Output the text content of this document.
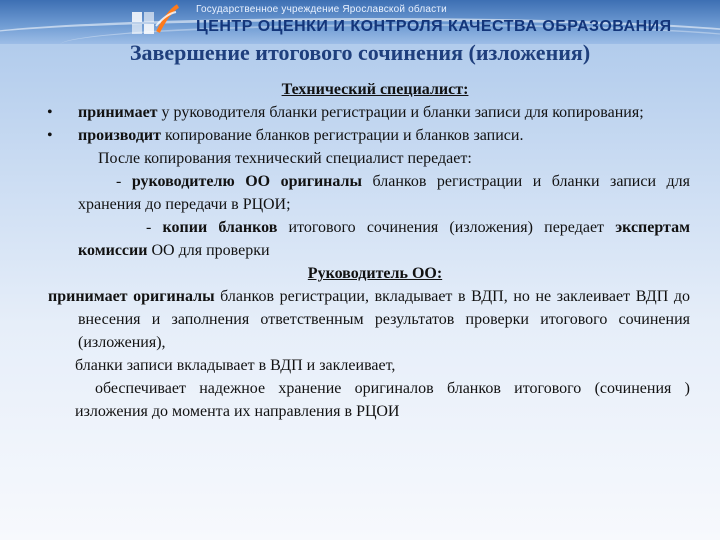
Государственное учреждение Ярославской области
ЦЕНТР ОЦЕНКИ И КОНТРОЛЯ КАЧЕСТВА ОБРАЗОВАНИЯ
Завершение итогового сочинения (изложения)
Технический специалист:
• принимает у руководителя бланки регистрации и бланки записи для копирования;
• производит копирование бланков регистрации и бланков записи.
После копирования технический специалист передает:
- руководителю ОО оригиналы бланков регистрации и бланки записи для хранения до передачи в РЦОИ;
- копии бланков итогового сочинения (изложения) передает экспертам комиссии ОО для проверки
Руководитель ОО:
принимает оригиналы бланков регистрации, вкладывает в ВДП, но не заклеивает ВДП до внесения и заполнения ответственным результатов проверки итогового сочинения (изложения),
бланки записи вкладывает в ВДП и заклеивает,
обеспечивает надежное хранение оригиналов бланков итогового (сочинения ) изложения до момента их направления в РЦОИ
